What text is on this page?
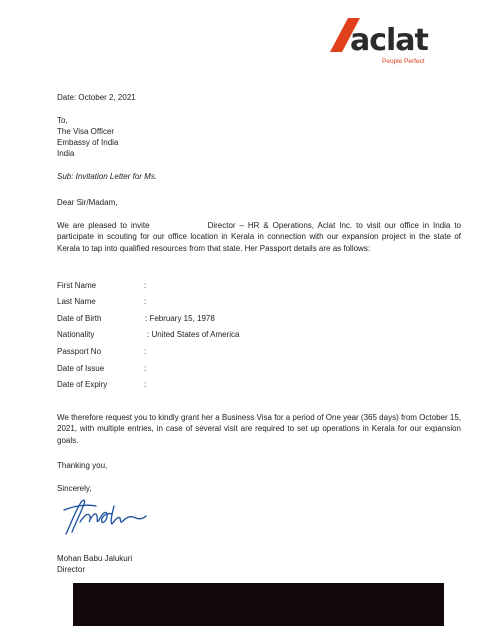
aclat
People Perfect
Date: October 2, 2021
To,
The Visa Officer
Embassy of India
India
Sub: Invitation Letter for Ms.
Dear Sir/Madam,
We are pleased to invite	Director – HR & Operations, Aclat Inc. to visit our office in India to participate in scouting for our office location in Kerala in connection with our expansion project in the state of Kerala to tap into qualified resources from that state. Her Passport details are as follows:
First Name	:
Last Name	:
Date of Birth	: February 15, 1978
Nationality	: United States of America
Passport No	:
Date of Issue	:
Date of Expiry	:
We therefore request you to kindly grant her a Business Visa for a period of One year (365 days) from October 15, 2021, with multiple entries, in case of several visit are required to set up operations in Kerala for our expansion goals.
Thanking you,
Sincerely,
Mohan Babu Jalukuri
Director
